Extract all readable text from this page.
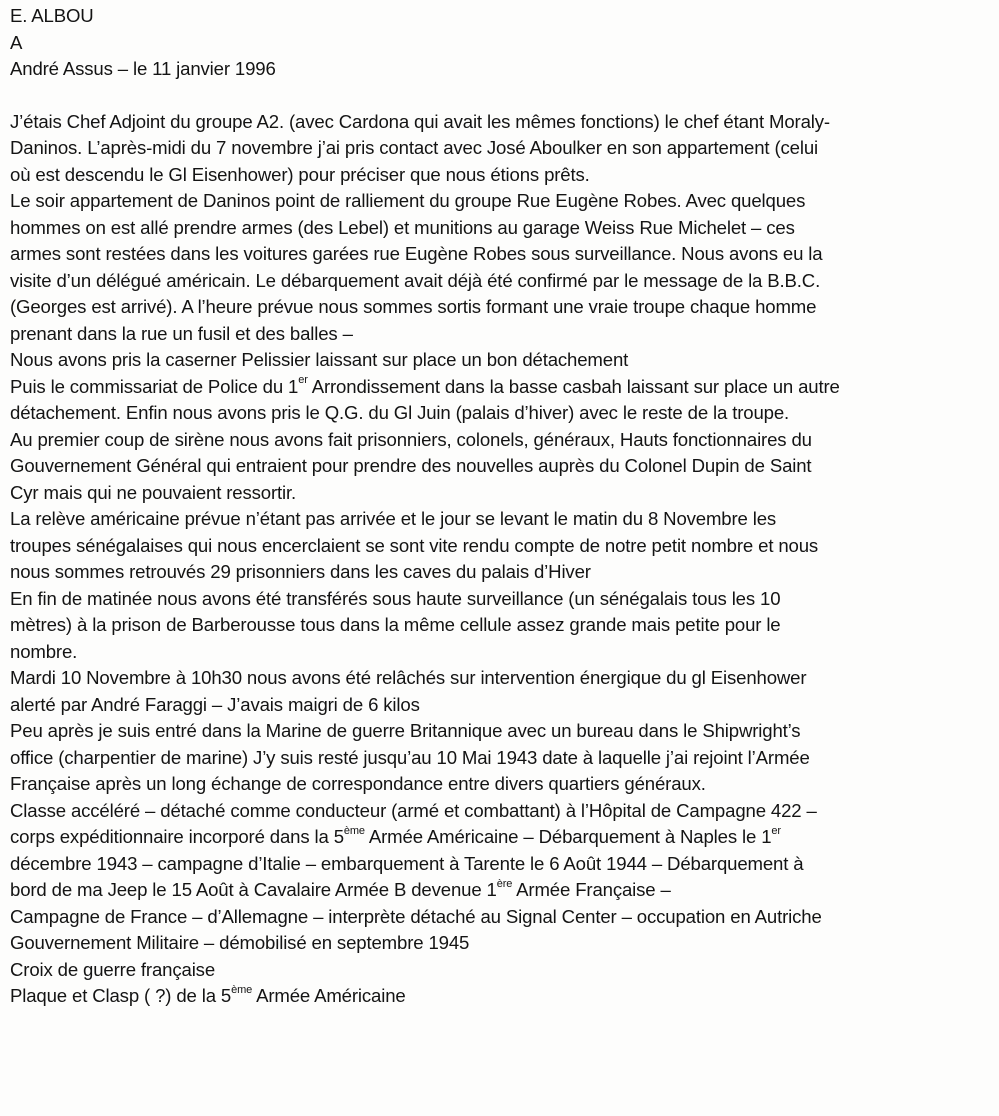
E. ALBOU

A

André Assus – le 11 janvier 1996

J’étais Chef Adjoint du groupe A2. (avec Cardona qui avait les mêmes fonctions) le chef étant Moraly-

Daninos. L’après-midi du 7 novembre j’ai pris contact avec José Aboulker en son appartement (celui

où est descendu le Gl Eisenhower) pour préciser que nous étions prêts.

Le soir appartement de Daninos point de ralliement du groupe Rue Eugène Robes. Avec quelques

hommes on est allé prendre armes (des Lebel) et munitions au garage Weiss Rue Michelet – ces

armes sont restées dans les voitures garées rue Eugène Robes sous surveillance. Nous avons eu la

visite d’un délégué américain. Le débarquement avait déjà été confirmé par le message de la B.B.C.

(Georges est arrivé). A l’heure prévue nous sommes sortis formant une vraie troupe chaque homme

prenant dans la rue un fusil et des balles –

Nous avons pris la caserner Pelissier laissant sur place un bon détachement

Puis le commissariat de Police du 1er Arrondissement dans la basse casbah laissant sur place un autre

détachement. Enfin nous avons pris le Q.G. du Gl Juin (palais d’hiver) avec le reste de la troupe.

Au premier coup de sirène nous avons fait prisonniers, colonels, généraux, Hauts fonctionnaires du

Gouvernement Général qui entraient pour prendre des nouvelles auprès du Colonel Dupin de Saint

Cyr mais qui ne pouvaient ressortir.

La relève américaine prévue n’étant pas arrivée et le jour se levant le matin du 8 Novembre les

troupes sénégalaises qui nous encerclaient se sont vite rendu compte de notre petit nombre et nous

nous sommes retrouvés 29 prisonniers dans les caves du palais d’Hiver

En fin de matinée nous avons été transférés sous haute surveillance (un sénégalais tous les 10

mètres) à la prison de Barberousse tous dans la même cellule assez grande mais petite pour le

nombre.

Mardi 10 Novembre à 10h30 nous avons été relâchés sur intervention énergique du gl Eisenhower

alerté par André Faraggi – J’avais maigri de 6 kilos

Peu après je suis entré dans la Marine de guerre Britannique avec un bureau dans le Shipwright’s

office (charpentier de marine) J’y suis resté jusqu’au 10 Mai 1943 date à laquelle j’ai rejoint l’Armée

Française après un long échange de correspondance entre divers quartiers généraux.

Classe accéléré – détaché comme conducteur (armé et combattant) à l’Hôpital de Campagne 422 –

corps expéditionnaire incorporé dans la 5ème Armée Américaine – Débarquement à Naples le 1er

décembre 1943 – campagne d’Italie – embarquement à Tarente le 6 Août 1944 – Débarquement à

bord de ma Jeep le 15 Août à Cavalaire Armée B devenue 1ère Armée Française –

Campagne de France – d’Allemagne – interprète détaché au Signal Center – occupation en Autriche

Gouvernement Militaire – démobilisé en septembre 1945

Croix de guerre française

Plaque et Clasp ( ?) de la 5ème Armée Américaine
